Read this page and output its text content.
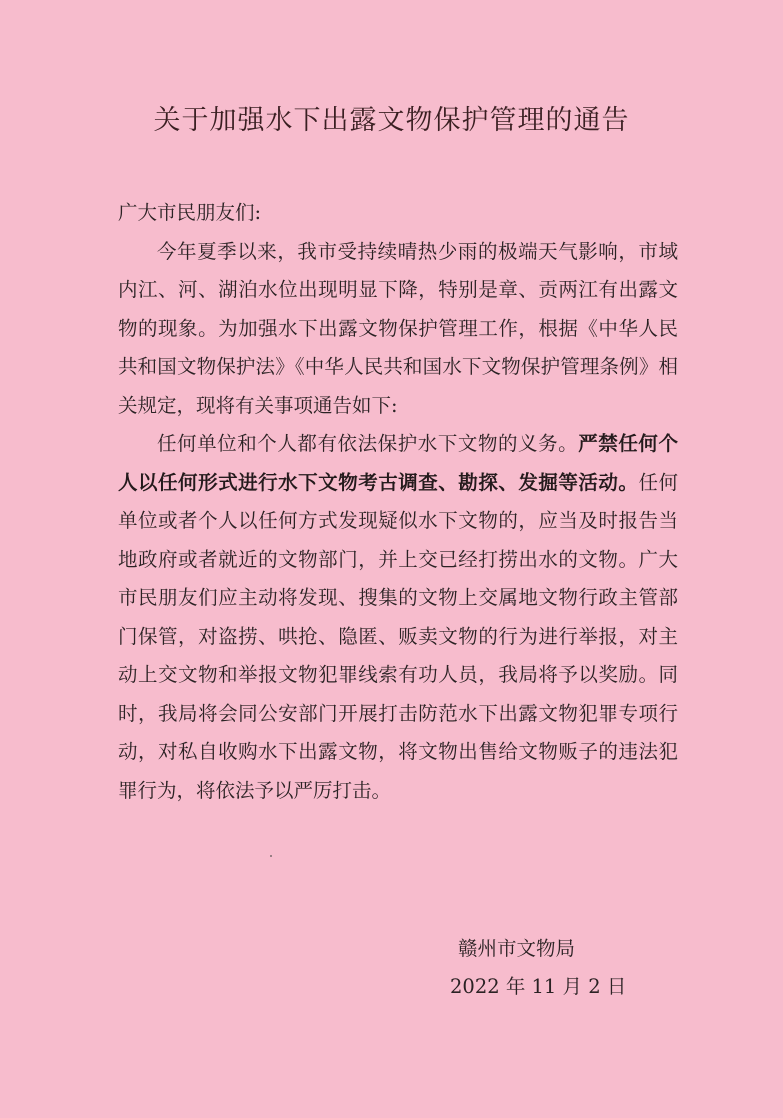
关于加强水下出露文物保护管理的通告

广大市民朋友们:

今年夏季以来，我市受持续晴热少雨的极端天气影响，市域内江、河、湖泊水位出现明显下降，特别是章、贡两江有出露文物的现象。为加强水下出露文物保护管理工作，根据《中华人民共和国文物保护法》《中华人民共和国水下文物保护管理条例》相关规定，现将有关事项通告如下:

任何单位和个人都有依法保护水下文物的义务。严禁任何个人以任何形式进行水下文物考古调查、勘探、发掘等活动。任何单位或者个人以任何方式发现疑似水下文物的，应当及时报告当地政府或者就近的文物部门，并上交已经打捞出水的文物。广大市民朋友们应主动将发现、搜集的文物上交属地文物行政主管部门保管，对盗捞、哄抢、隐匿、贩卖文物的行为进行举报，对主动上交文物和举报文物犯罪线索有功人员，我局将予以奖励。同时，我局将会同公安部门开展打击防范水下出露文物犯罪专项行动，对私自收购水下出露文物，将文物出售给文物贩子的违法犯罪行为，将依法予以严厉打击。

赣州市文物局
2022 年 11 月 2 日
